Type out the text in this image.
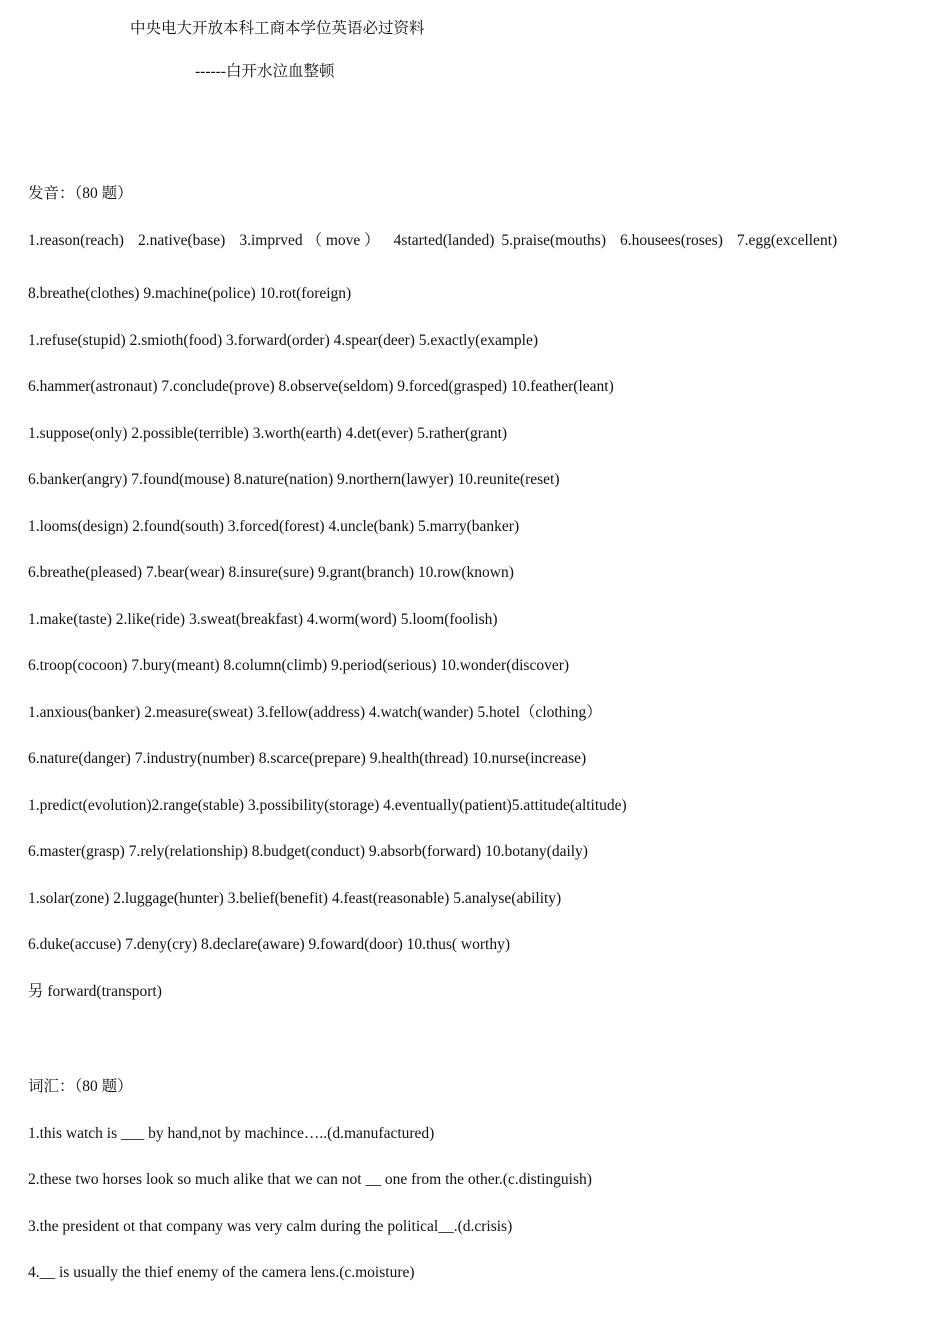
中央电大开放本科工商本学位英语必过资料
------白开水泣血整顿
发音：（80 题）
1.reason(reach) 2.native(base) 3.imprved （ move ） 4started(landed) 5.praise(mouths) 6.housees(roses) 7.egg(excellent)
8.breathe(clothes) 9.machine(police) 10.rot(foreign)
1.refuse(stupid) 2.smioth(food) 3.forward(order) 4.spear(deer) 5.exactly(example)
6.hammer(astronaut) 7.conclude(prove) 8.observe(seldom) 9.forced(grasped) 10.feather(leant)
1.suppose(only) 2.possible(terrible) 3.worth(earth) 4.det(ever) 5.rather(grant)
6.banker(angry) 7.found(mouse) 8.nature(nation) 9.northern(lawyer) 10.reunite(reset)
1.looms(design) 2.found(south) 3.forced(forest) 4.uncle(bank) 5.marry(banker)
6.breathe(pleased) 7.bear(wear) 8.insure(sure) 9.grant(branch) 10.row(known)
1.make(taste) 2.like(ride) 3.sweat(breakfast) 4.worm(word) 5.loom(foolish)
6.troop(cocoon) 7.bury(meant) 8.column(climb) 9.period(serious) 10.wonder(discover)
1.anxious(banker) 2.measure(sweat) 3.fellow(address) 4.watch(wander) 5.hotel（clothing）
6.nature(danger) 7.industry(number) 8.scarce(prepare) 9.health(thread) 10.nurse(increase)
1.predict(evolution)2.range(stable) 3.possibility(storage) 4.eventually(patient)5.attitude(altitude)
6.master(grasp) 7.rely(relationship) 8.budget(conduct) 9.absorb(forward) 10.botany(daily)
1.solar(zone) 2.luggage(hunter) 3.belief(benefit) 4.feast(reasonable) 5.analyse(ability)
6.duke(accuse) 7.deny(cry) 8.declare(aware) 9.foward(door) 10.thus( worthy)
另 forward(transport)
词汇：（80 题）
1.this watch is ___ by hand,not by machince…..(d.manufactured)
2.these two horses look so much alike that we can not __ one from the other.(c.distinguish)
3.the president ot that company was very calm during the political__.(d.crisis)
4.__ is usually the thief enemy of the camera lens.(c.moisture)
